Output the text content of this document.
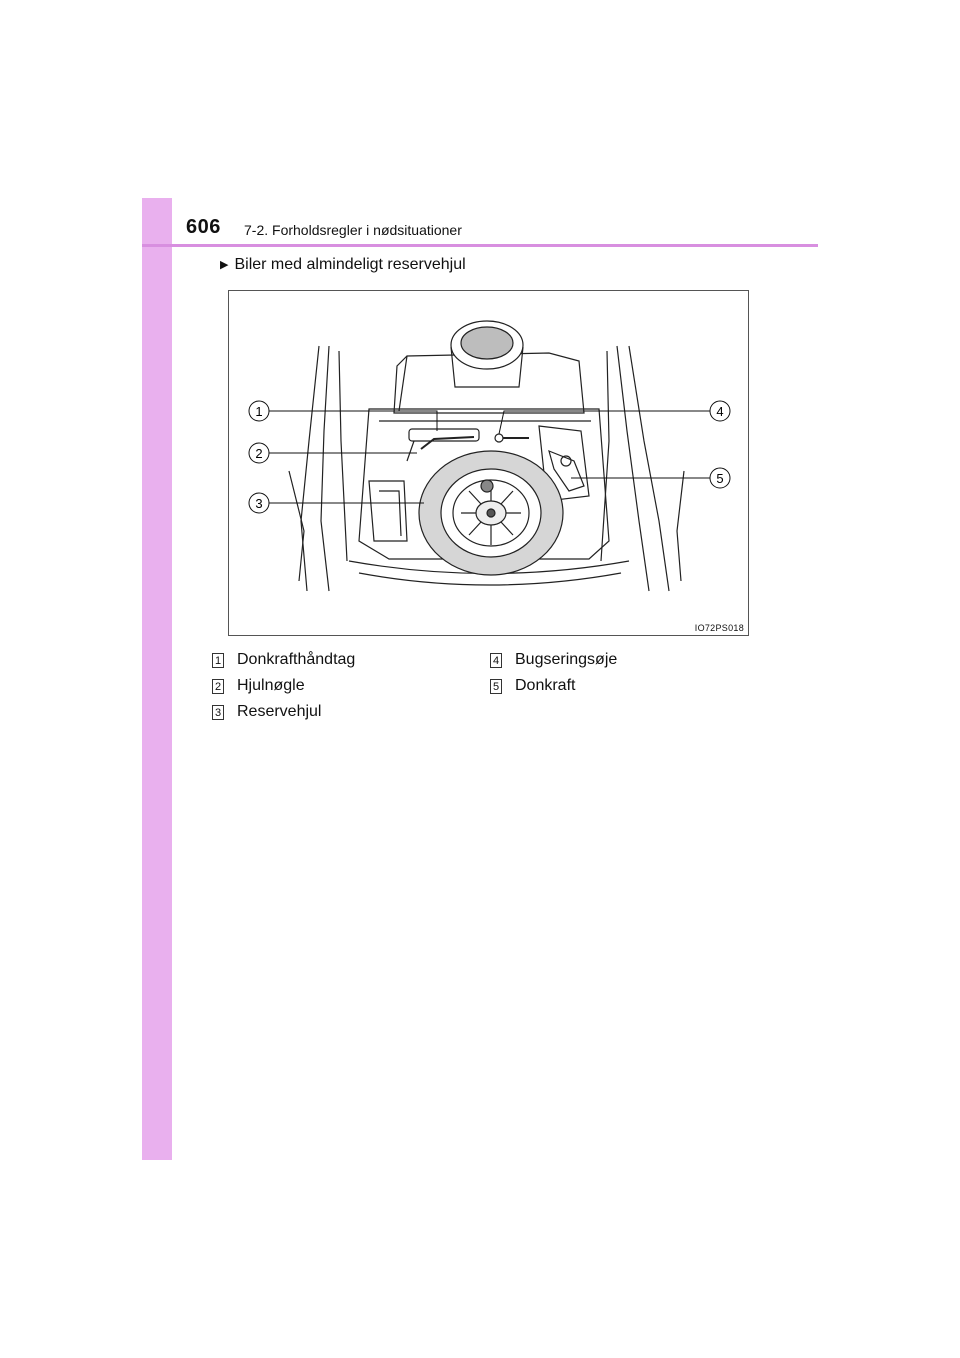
606 7-2. Forholdsregler i nødsituationer
▶ Biler med almindeligt reservehjul
1
2
3
4
5
IO72PS018
1 Donkrafthåndtag
2 Hjulnøgle
3 Reservehjul
4 Bugseringsøje
5 Donkraft
